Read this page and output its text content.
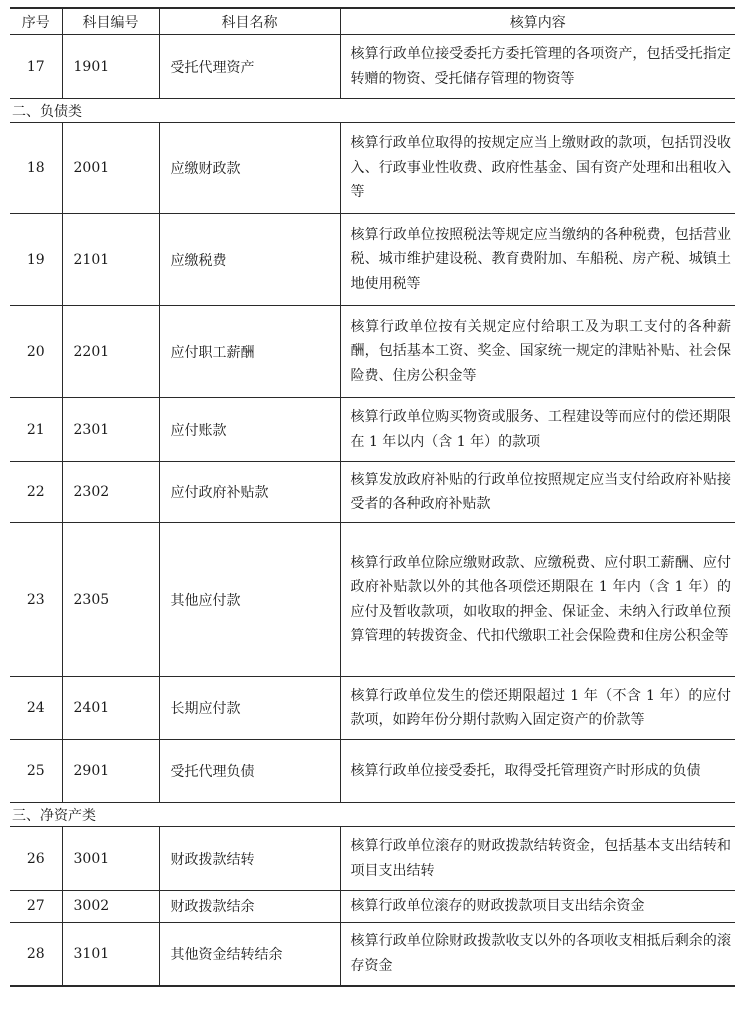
序号	科目编号	科目名称	核算内容
17	1901	受托代理资产	核算行政单位接受委托方委托管理的各项资产，包括受托指定转赠的物资、受托储存管理的物资等
二、负债类			
18	2001	应缴财政款	核算行政单位取得的按规定应当上缴财政的款项，包括罚没收入、行政事业性收费、政府性基金、国有资产处理和出租收入等
19	2101	应缴税费	核算行政单位按照税法等规定应当缴纳的各种税费，包括营业税、城市维护建设税、教育费附加、车船税、房产税、城镇土地使用税等
20	2201	应付职工薪酬	核算行政单位按有关规定应付给职工及为职工支付的各种薪酬，包括基本工资、奖金、国家统一规定的津贴补贴、社会保险费、住房公积金等
21	2301	应付账款	核算行政单位购买物资或服务、工程建设等而应付的偿还期限在 1 年以内（含 1 年）的款项
22	2302	应付政府补贴款	核算发放政府补贴的行政单位按照规定应当支付给政府补贴接受者的各种政府补贴款
23	2305	其他应付款	核算行政单位除应缴财政款、应缴税费、应付职工薪酬、应付政府补贴款以外的其他各项偿还期限在 1 年内（含 1 年）的应付及暂收款项，如收取的押金、保证金、未纳入行政单位预算管理的转拨资金、代扣代缴职工社会保险费和住房公积金等
24	2401	长期应付款	核算行政单位发生的偿还期限超过 1 年（不含 1 年）的应付款项，如跨年份分期付款购入固定资产的价款等
25	2901	受托代理负债	核算行政单位接受委托，取得受托管理资产时形成的负债
三、净资产类			
26	3001	财政拨款结转	核算行政单位滚存的财政拨款结转资金，包括基本支出结转和项目支出结转
27	3002	财政拨款结余	核算行政单位滚存的财政拨款项目支出结余资金
28	3101	其他资金结转结余	核算行政单位除财政拨款收支以外的各项收支相抵后剩余的滚存资金
